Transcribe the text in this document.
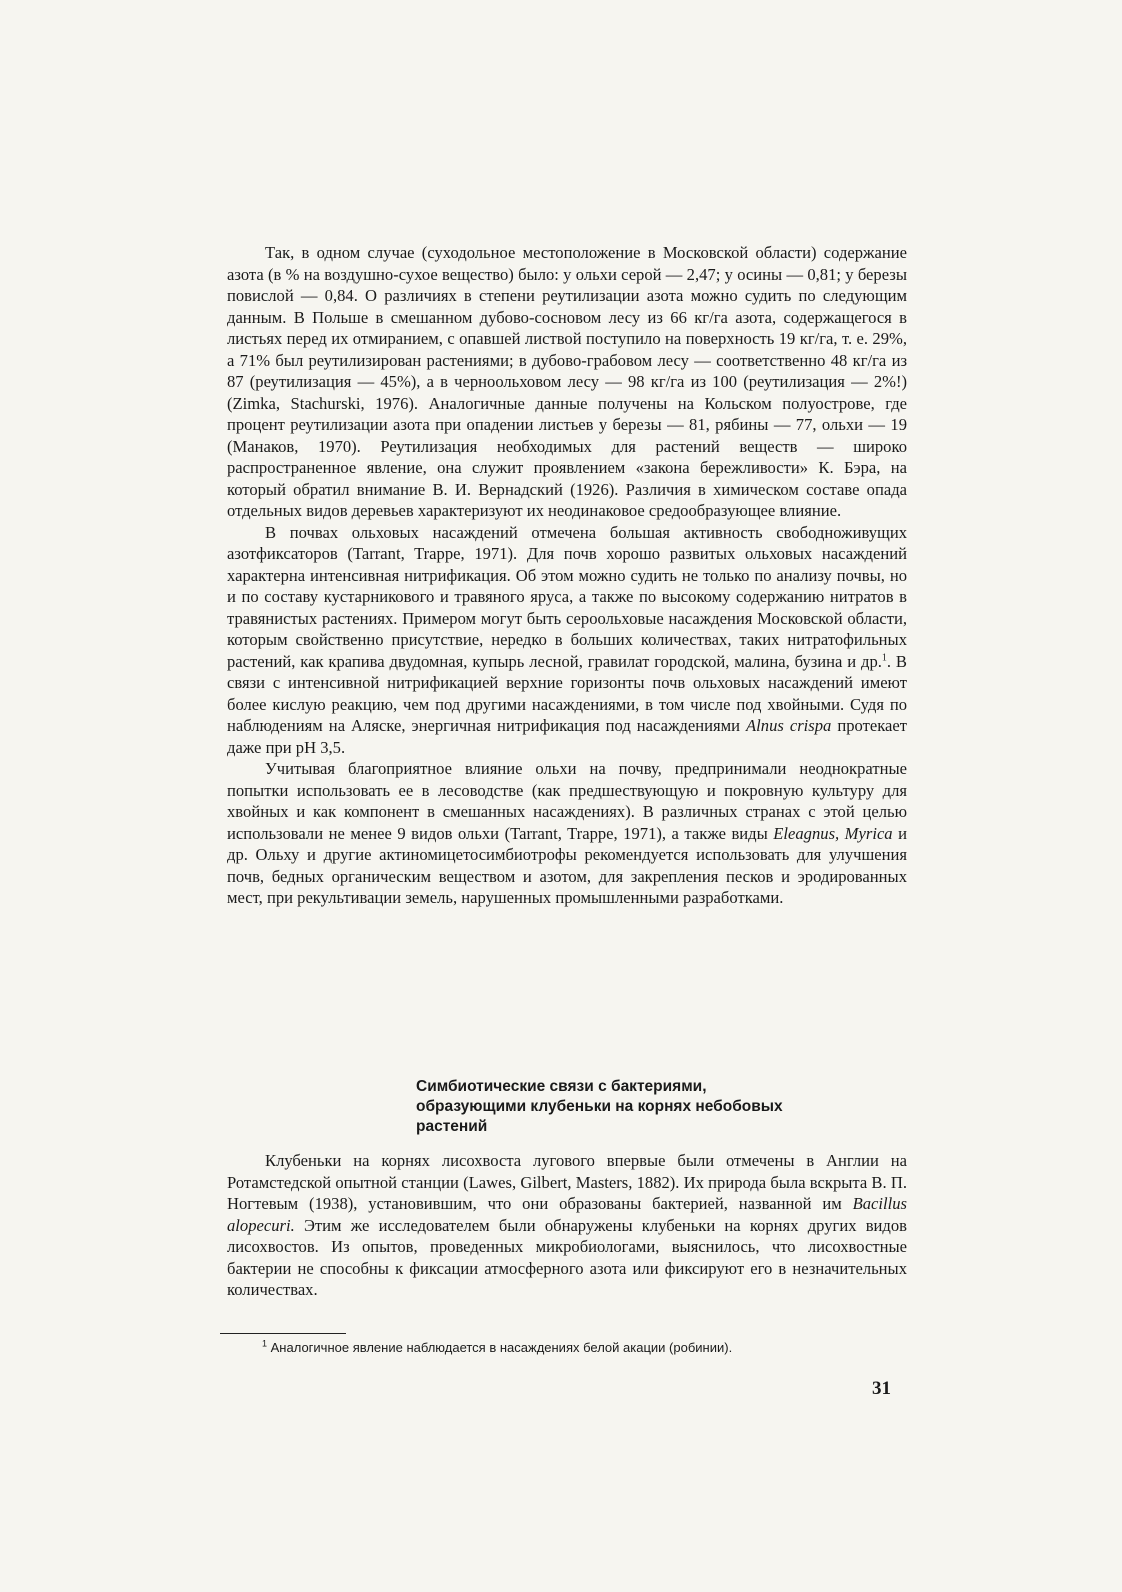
Так, в одном случае (суходольное местоположение в Московской области) содержание азота (в % на воздушно-сухое вещество) было: у ольхи серой — 2,47; у осины — 0,81; у березы повислой — 0,84. О различиях в степени реутилизации азота можно судить по следующим данным. В Польше в смешанном дубово-сосновом лесу из 66 кг/га азота, содержащегося в листьях перед их отмиранием, с опавшей листвой поступило на поверхность 19 кг/га, т. е. 29%, а 71% был реутилизирован растениями; в дубово-грабовом лесу — соответственно 48 кг/га из 87 (реутилизация — 45%), а в черноольховом лесу — 98 кг/га из 100 (реутилизация — 2%!) (Zimka, Stachurski, 1976). Аналогичные данные получены на Кольском полуострове, где процент реутилизации азота при опадении листьев у березы — 81, рябины — 77, ольхи — 19 (Манаков, 1970). Реутилизация необходимых для растений веществ — широко распространенное явление, она служит проявлением «закона бережливости» К. Бэра, на который обратил внимание В. И. Вернадский (1926). Различия в химическом составе опада отдельных видов деревьев характеризуют их неодинаковое средообразующее влияние.

В почвах ольховых насаждений отмечена большая активность свободноживущих азотфиксаторов (Tarrant, Trappe, 1971). Для почв хорошо развитых ольховых насаждений характерна интенсивная нитрификация. Об этом можно судить не только по анализу почвы, но и по составу кустарникового и травяного яруса, а также по высокому содержанию нитратов в травянистых растениях. Примером могут быть сероольховые насаждения Московской области, которым свойственно присутствие, нередко в больших количествах, таких нитратофильных растений, как крапива двудомная, купырь лесной, гравилат городской, малина, бузина и др.$^1$. В связи с интенсивной нитрификацией верхние горизонты почв ольховых насаждений имеют более кислую реакцию, чем под другими насаждениями, в том числе под хвойными. Судя по наблюдениям на Аляске, энергичная нитрификация под насаждениями Alnus crispa протекает даже при pH 3,5.

Учитывая благоприятное влияние ольхи на почву, предпринимали неоднократные попытки использовать ее в лесоводстве (как предшествующую и покровную культуру для хвойных и как компонент в смешанных насаждениях). В различных странах с этой целью использовали не менее 9 видов ольхи (Tarrant, Trappe, 1971), а также виды Eleagnus, Myrica и др. Ольху и другие актиномицетосимбиотрофы рекомендуется использовать для улучшения почв, бедных органическим веществом и азотом, для закрепления песков и эродированных мест, при рекультивации земель, нарушенных промышленными разработками.

Симбиотические связи с бактериями,
образующими клубеньки на корнях небобовых
растений

Клубеньки на корнях лисохвоста лугового впервые были отмечены в Англии на Ротамстедской опытной станции (Lawes, Gilbert, Masters, 1882). Их природа была вскрыта В. П. Ногтевым (1938), установившим, что они образованы бактерией, названной им Bacillus alopecuri. Этим же исследователем были обнаружены клубеньки на корнях других видов лисохвостов. Из опытов, проведенных микробиологами, выяснилось, что лисохвостные бактерии не способны к фиксации атмосферного азота или фиксируют его в незначительных количествах.

$^1$ Аналогичное явление наблюдается в насаждениях белой акации (робинии).
31
